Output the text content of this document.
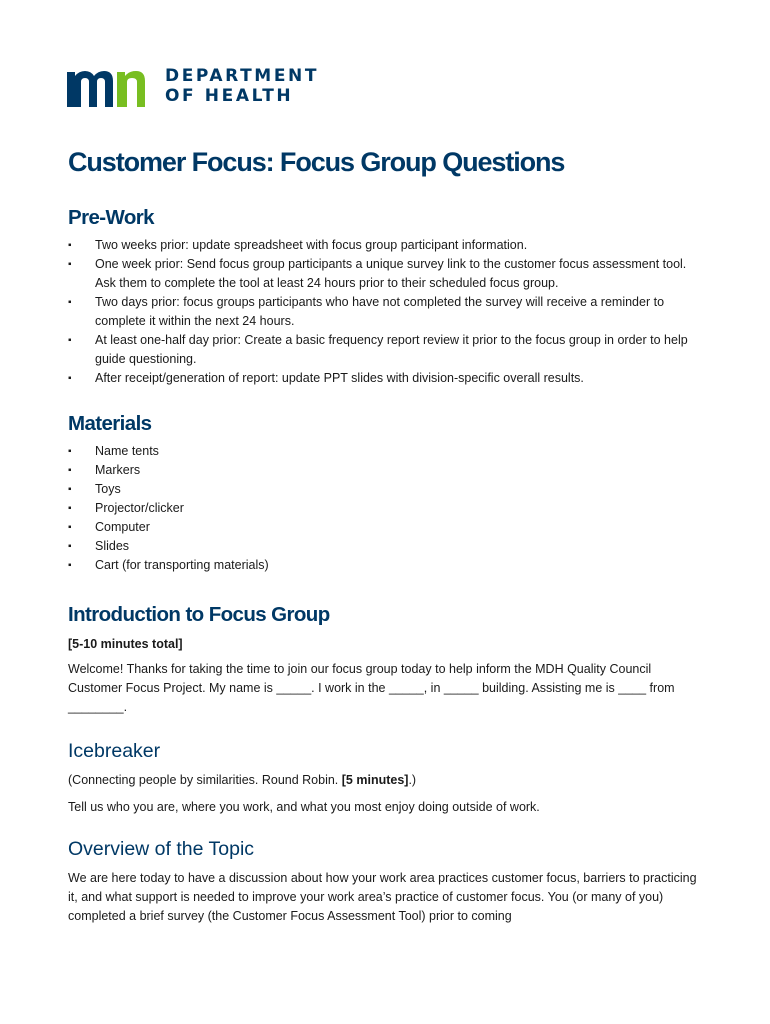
DEPARTMENT
OF HEALTH
Customer Focus: Focus Group Questions
Pre-Work
▪ Two weeks prior: update spreadsheet with focus group participant information.
▪ One week prior: Send focus group participants a unique survey link to the customer focus assessment tool. Ask them to complete the tool at least 24 hours prior to their scheduled focus group.
▪ Two days prior: focus groups participants who have not completed the survey will receive a reminder to complete it within the next 24 hours.
▪ At least one-half day prior: Create a basic frequency report review it prior to the focus group in order to help guide questioning.
▪ After receipt/generation of report: update PPT slides with division-specific overall results.
Materials
▪ Name tents
▪ Markers
▪ Toys
▪ Projector/clicker
▪ Computer
▪ Slides
▪ Cart (for transporting materials)
Introduction to Focus Group

[5-10 minutes total]

Welcome! Thanks for taking the time to join our focus group today to help inform the MDH Quality Council Customer Focus Project. My name is _____. I work in the _____, in _____ building. Assisting me is ____ from ________.

Icebreaker

(Connecting people by similarities. Round Robin. [5 minutes].)

Tell us who you are, where you work, and what you most enjoy doing outside of work.

Overview of the Topic

We are here today to have a discussion about how your work area practices customer focus, barriers to practicing it, and what support is needed to improve your work area’s practice of customer focus. You (or many of you) completed a brief survey (the Customer Focus Assessment Tool) prior to coming
